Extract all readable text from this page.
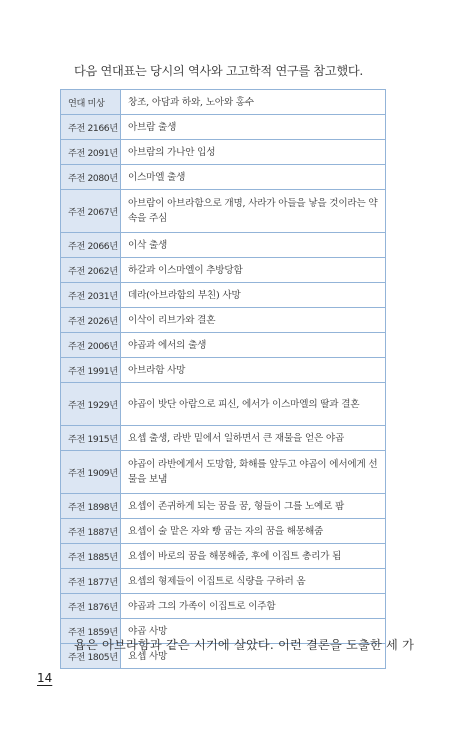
다음 연대표는 당시의 역사와 고고학적 연구를 참고했다.

연대 미상	창조, 아담과 하와, 노아와 홍수
주전 2166년	아브람 출생
주전 2091년	아브람의 가나안 입성
주전 2080년	이스마엘 출생
주전 2067년	아브람이 아브라함으로 개명, 사라가 아들을 낳을 것이라는 약속을 주심
주전 2066년	이삭 출생
주전 2062년	하갈과 이스마엘이 추방당함
주전 2031년	데라(아브라함의 부친) 사망
주전 2026년	이삭이 리브가와 결혼
주전 2006년	야곱과 에서의 출생
주전 1991년	아브라함 사망
주전 1929년	야곱이 밧단 아람으로 피신, 에서가 이스마엘의 딸과 결혼
주전 1915년	요셉 출생, 라반 밑에서 일하면서 큰 재물을 얻은 야곱
주전 1909년	야곱이 라반에게서 도망함, 화해를 앞두고 야곱이 에서에게 선물을 보냄
주전 1898년	요셉이 존귀하게 되는 꿈을 꿈, 형들이 그를 노예로 팜
주전 1887년	요셉이 술 맡은 자와 빵 굽는 자의 꿈을 해몽해줌
주전 1885년	요셉이 바로의 꿈을 해몽해줌, 후에 이집트 총리가 됨
주전 1877년	요셉의 형제들이 이집트로 식량을 구하러 옴
주전 1876년	야곱과 그의 가족이 이집트로 이주함
주전 1859년	야곱 사망
주전 1805년	요셉 사망

욥은 아브라함과 같은 시기에 살았다. 이런 결론을 도출한 세 가

14
